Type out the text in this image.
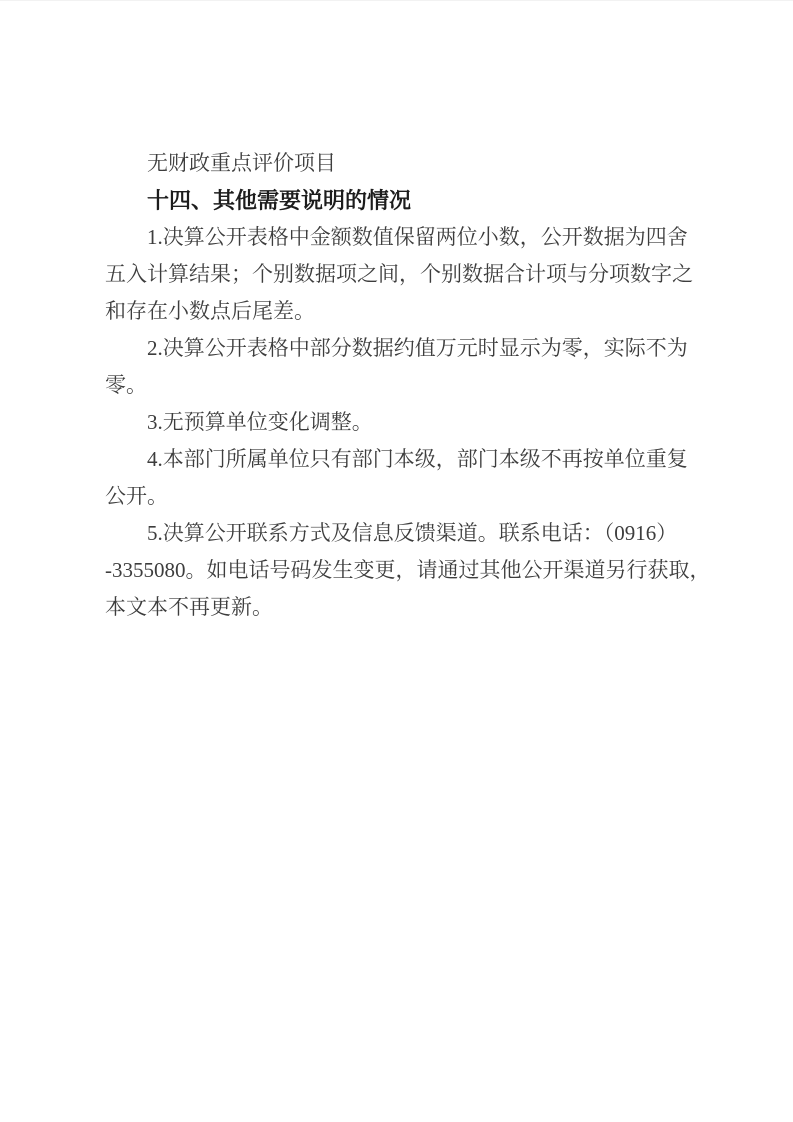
无财政重点评价项目
十四、其他需要说明的情况
1.决算公开表格中金额数值保留两位小数，公开数据为四舍
五入计算结果；个别数据项之间，个别数据合计项与分项数字之
和存在小数点后尾差。
2.决算公开表格中部分数据约值万元时显示为零，实际不为
零。
3.无预算单位变化调整。
4.本部门所属单位只有部门本级，部门本级不再按单位重复
公开。
5.决算公开联系方式及信息反馈渠道。联系电话：（0916）
-3355080。如电话号码发生变更，请通过其他公开渠道另行获取，
本文本不再更新。
